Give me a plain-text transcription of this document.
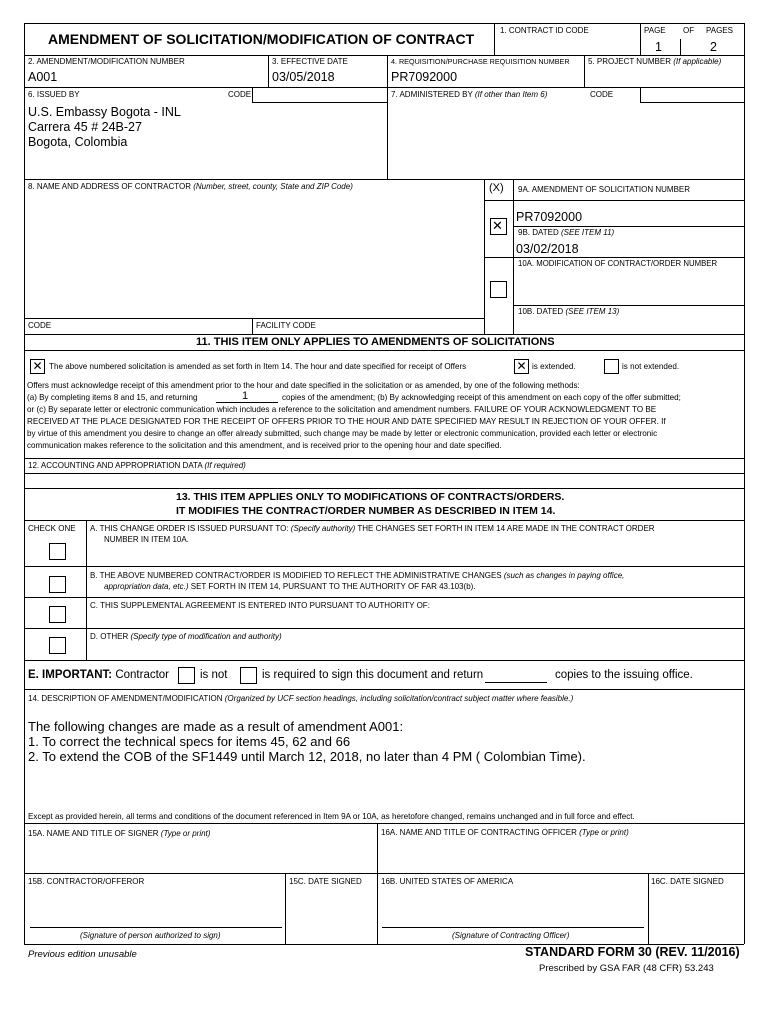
AMENDMENT OF SOLICITATION/MODIFICATION OF CONTRACT
1. CONTRACT ID CODE	PAGE OF PAGES
1	2
2. AMENDMENT/MODIFICATION NUMBER
A001
3. EFFECTIVE DATE
03/05/2018
4. REQUISITION/PURCHASE REQUISITION NUMBER
PR7092000
5. PROJECT NUMBER (If applicable)
6. ISSUED BY	CODE
U.S. Embassy Bogota - INL
Carrera 45 # 24B-27
Bogota, Colombia
7. ADMINISTERED BY (If other than Item 6)	CODE
8. NAME AND ADDRESS OF CONTRACTOR (Number, street, county, State and ZIP Code)	(X) 9A. AMENDMENT OF SOLICITATION NUMBER
✕
PR7092000
9B. DATED (SEE ITEM 11)
03/02/2018
10A. MODIFICATION OF CONTRACT/ORDER NUMBER
10B. DATED (SEE ITEM 13)
CODE	FACILITY CODE
11. THIS ITEM ONLY APPLIES TO AMENDMENTS OF SOLICITATIONS
✕ The above numbered solicitation is amended as set forth in Item 14. The hour and date specified for receipt of Offers	✕ is extended.	is not extended.
Offers must acknowledge receipt of this amendment prior to the hour and date specified in the solicitation or as amended, by one of the following methods:
(a) By completing items 8 and 15, and returning	1	copies of the amendment; (b) By acknowledging receipt of this amendment on each copy of the offer submitted;
or (c) By separate letter or electronic communication which includes a reference to the solicitation and amendment numbers. FAILURE OF YOUR ACKNOWLEDGMENT TO BE
RECEIVED AT THE PLACE DESIGNATED FOR THE RECEIPT OF OFFERS PRIOR TO THE HOUR AND DATE SPECIFIED MAY RESULT IN REJECTION OF YOUR OFFER. If
by virtue of this amendment you desire to change an offer already submitted, such change may be made by letter or electronic communication, provided each letter or electronic
communication makes reference to the solicitation and this amendment, and is received prior to the opening hour and date specified.
12. ACCOUNTING AND APPROPRIATION DATA (If required)
13. THIS ITEM APPLIES ONLY TO MODIFICATIONS OF CONTRACTS/ORDERS.
IT MODIFIES THE CONTRACT/ORDER NUMBER AS DESCRIBED IN ITEM 14.
CHECK ONE A. THIS CHANGE ORDER IS ISSUED PURSUANT TO: (Specify authority) THE CHANGES SET FORTH IN ITEM 14 ARE MADE IN THE CONTRACT ORDER
NUMBER IN ITEM 10A.
B. THE ABOVE NUMBERED CONTRACT/ORDER IS MODIFIED TO REFLECT THE ADMINISTRATIVE CHANGES (such as changes in paying office,
appropriation data, etc.) SET FORTH IN ITEM 14, PURSUANT TO THE AUTHORITY OF FAR 43.103(b).
C. THIS SUPPLEMENTAL AGREEMENT IS ENTERED INTO PURSUANT TO AUTHORITY OF:
D. OTHER (Specify type of modification and authority)
E. IMPORTANT: Contractor	is not	is required to sign this document and return	copies to the issuing office.
14. DESCRIPTION OF AMENDMENT/MODIFICATION (Organized by UCF section headings, including solicitation/contract subject matter where feasible.)
The following changes are made as a result of amendment A001:
1. To correct the technical specs for items 45, 62 and 66
2. To extend the COB of the SF1449 until March 12, 2018, no later than 4 PM ( Colombian Time).
Except as provided herein, all terms and conditions of the document referenced in Item 9A or 10A, as heretofore changed, remains unchanged and in full force and effect.
15A. NAME AND TITLE OF SIGNER (Type or print)	16A. NAME AND TITLE OF CONTRACTING OFFICER (Type or print)
15B. CONTRACTOR/OFFEROR	15C. DATE SIGNED 16B. UNITED STATES OF AMERICA	16C. DATE SIGNED
(Signature of person authorized to sign)	(Signature of Contracting Officer)
Previous edition unusable	STANDARD FORM 30 (REV. 11/2016)
Prescribed by GSA FAR (48 CFR) 53.243
